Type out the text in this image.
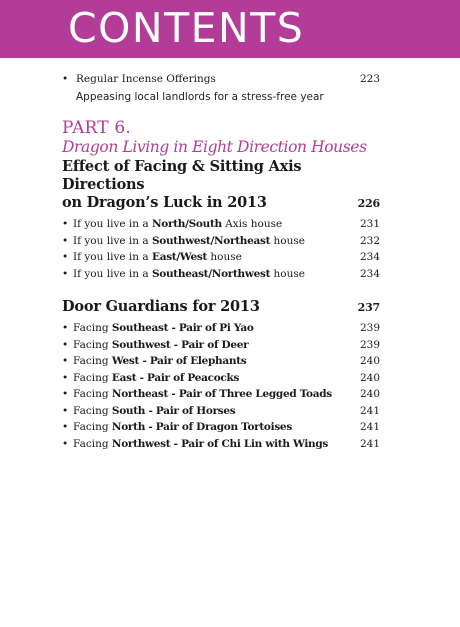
CONTENTS
• Regular Incense Offerings	223
Appeasing local landlords for a stress-free year
PART 6.
Dragon Living in Eight Direction Houses
Effect of Facing & Sitting Axis Directions
on Dragon’s Luck in 2013	226
• If you live in a North/South Axis house	231
• If you live in a Southwest/Northeast house	232
• If you live in a East/West house	234
• If you live in a Southeast/Northwest house	234
Door Guardians for 2013	237
• Facing Southeast - Pair of Pi Yao	239
• Facing Southwest - Pair of Deer	239
• Facing West - Pair of Elephants	240
• Facing East - Pair of Peacocks	240
• Facing Northeast - Pair of Three Legged Toads	240
• Facing South - Pair of Horses	241
• Facing North - Pair of Dragon Tortoises	241
• Facing Northwest - Pair of Chi Lin with Wings	241
